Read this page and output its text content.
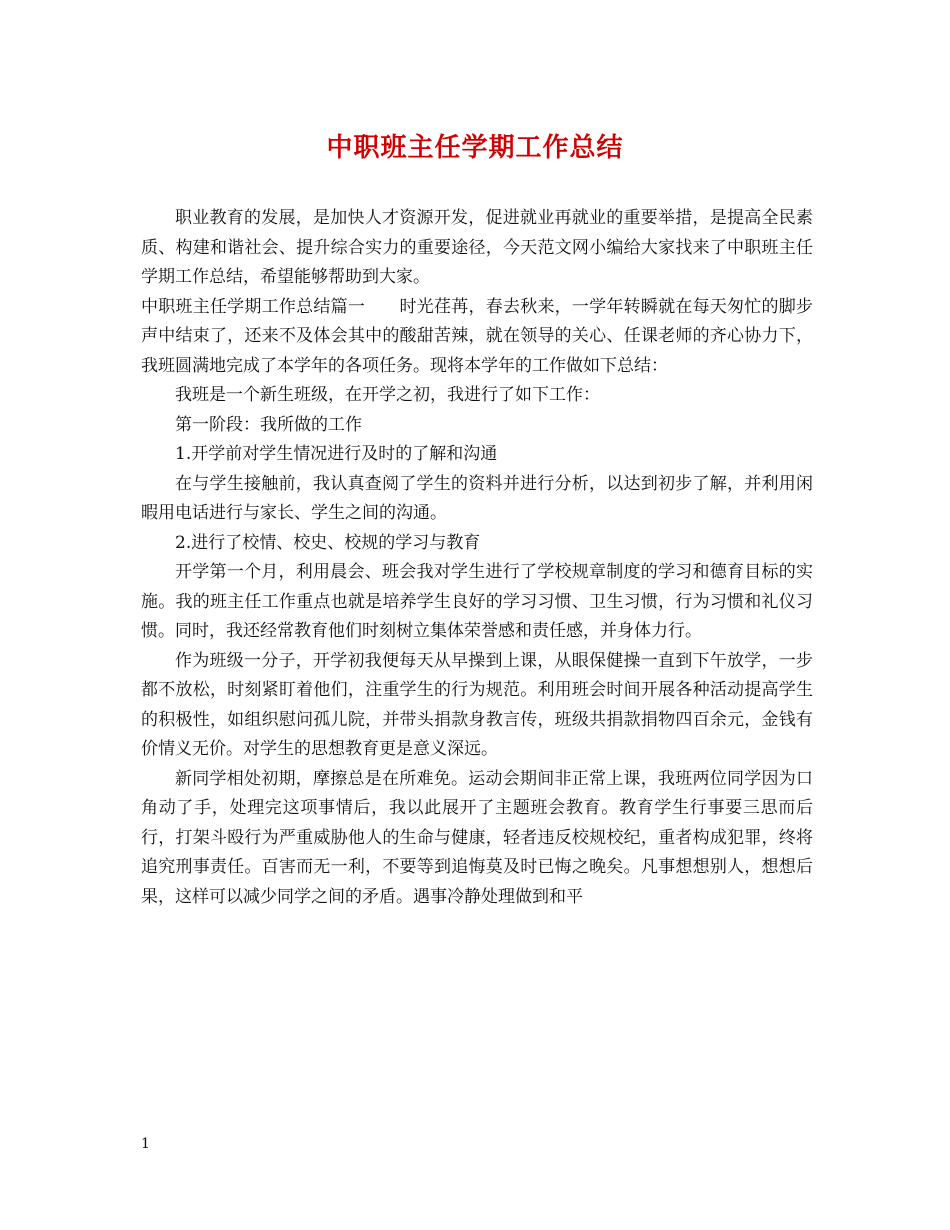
中职班主任学期工作总结

职业教育的发展，是加快人才资源开发，促进就业再就业的重要举措，是提高全民素质、构建和谐社会、提升综合实力的重要途径，今天范文网小编给大家找来了中职班主任学期工作总结，希望能够帮助到大家。

中职班主任学期工作总结篇一　　时光荏苒，春去秋来，一学年转瞬就在每天匆忙的脚步声中结束了，还来不及体会其中的酸甜苦辣，就在领导的关心、任课老师的齐心协力下，我班圆满地完成了本学年的各项任务。现将本学年的工作做如下总结：

我班是一个新生班级，在开学之初，我进行了如下工作：

第一阶段：我所做的工作

1.开学前对学生情况进行及时的了解和沟通

在与学生接触前，我认真查阅了学生的资料并进行分析，以达到初步了解，并利用闲暇用电话进行与家长、学生之间的沟通。

2.进行了校情、校史、校规的学习与教育

开学第一个月，利用晨会、班会我对学生进行了学校规章制度的学习和德育目标的实施。我的班主任工作重点也就是培养学生良好的学习习惯、卫生习惯，行为习惯和礼仪习惯。同时，我还经常教育他们时刻树立集体荣誉感和责任感，并身体力行。

作为班级一分子，开学初我便每天从早操到上课，从眼保健操一直到下午放学，一步都不放松，时刻紧盯着他们，注重学生的行为规范。利用班会时间开展各种活动提高学生的积极性，如组织慰问孤儿院，并带头捐款身教言传，班级共捐款捐物四百余元，金钱有价情义无价。对学生的思想教育更是意义深远。

新同学相处初期，摩擦总是在所难免。运动会期间非正常上课，我班两位同学因为口角动了手，处理完这项事情后，我以此展开了主题班会教育。教育学生行事要三思而后行，打架斗殴行为严重威胁他人的生命与健康，轻者违反校规校纪，重者构成犯罪，终将追究刑事责任。百害而无一利，不要等到追悔莫及时已悔之晚矣。凡事想想别人，想想后果，这样可以减少同学之间的矛盾。遇事冷静处理做到和平

1
